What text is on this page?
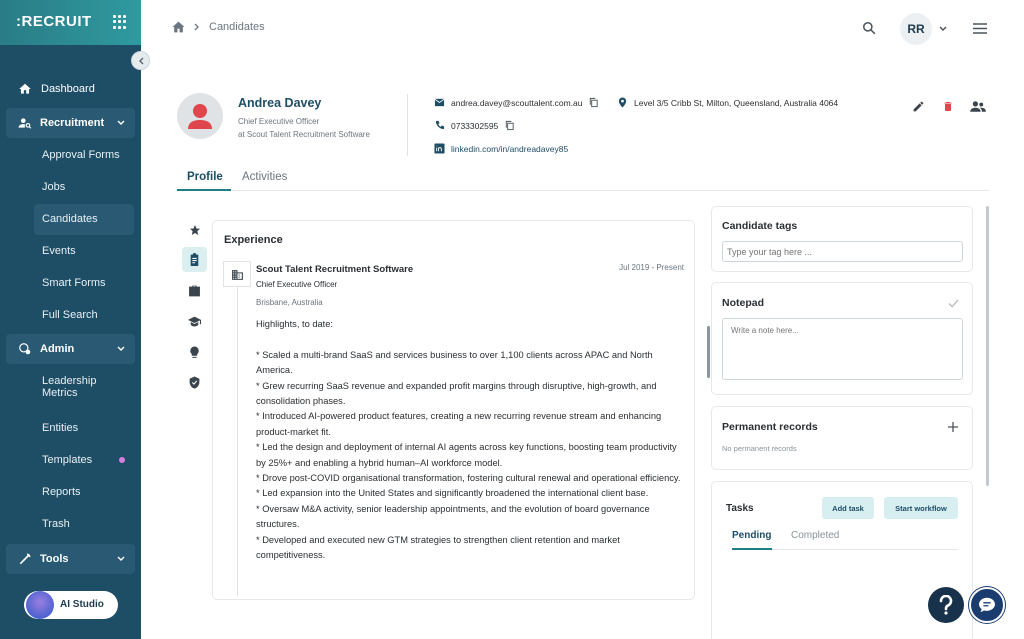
:RECRUIT
Dashboard
Recruitment
Approval Forms
Jobs
Candidates
Events
Smart Forms
Full Search
Admin
Leadership
Metrics
Entities
Templates
Reports
Trash
Tools
AI Studio
Candidates	RR
Andrea Davey
Chief Executive Officer
at Scout Talent Recruitment Software
andrea.davey@scouttalent.com.au
0733302595
linkedin.com/in/andreadavey85
Level 3/5 Cribb St, Milton, Queensland, Australia 4064
Profile Activities
Experience
Scout Talent Recruitment Software	Jul 2019 - Present
Chief Executive Officer
Brisbane, Australia

Highlights, to date:

* Scaled a multi-brand SaaS and services business to over 1,100 clients across APAC and North America.

* Grew recurring SaaS revenue and expanded profit margins through disruptive, high-growth, and consolidation phases.

* Introduced AI-powered product features, creating a new recurring revenue stream and enhancing product-market fit.

* Led the design and deployment of internal AI agents across key functions, boosting team productivity by 25%+ and enabling a hybrid human–AI workforce model.

* Drove post-COVID organisational transformation, fostering cultural renewal and operational efficiency.

* Led expansion into the United States and significantly broadened the international client base.

* Oversaw M&A activity, senior leadership appointments, and the evolution of board governance structures.

* Developed and executed new GTM strategies to strengthen client retention and market competitiveness.

Candidate tags
Type your tag here ...
Notepad
Write a note here...
Permanent records
No permanent records
Tasks	Add task	Start workflow
Pending Completed
